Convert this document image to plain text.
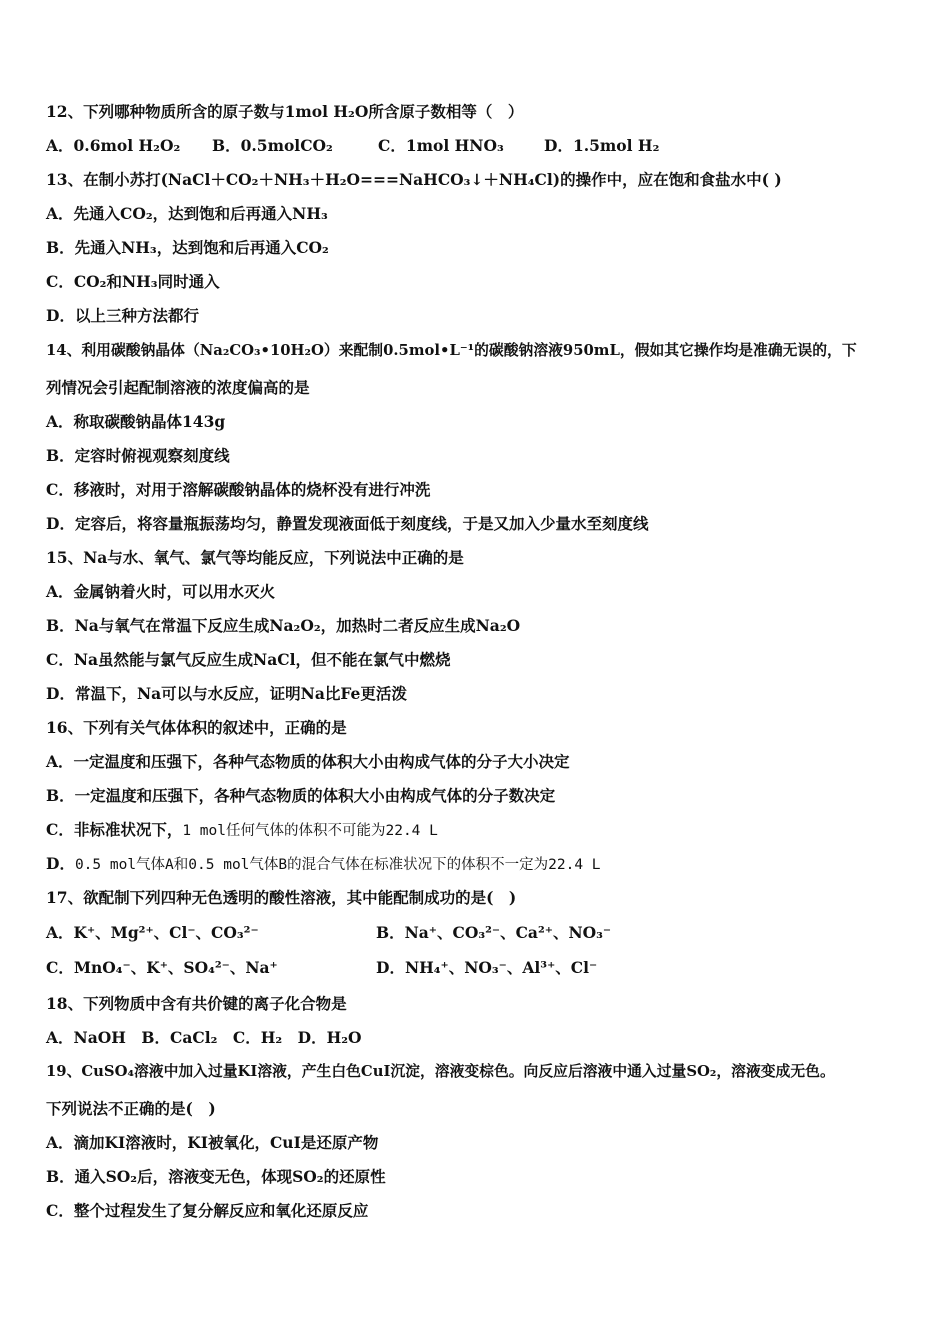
12、下列哪种物质所含的原子数与1mol H₂O所含原子数相等（　）
A．0.6mol H₂O₂ B．0.5molCO₂	C．1mol HNO₃	D．1.5mol H₂
13、在制小苏打(NaCl＋CO₂＋NH₃＋H₂O===NaHCO₃↓＋NH₄Cl)的操作中，应在饱和食盐水中( )
A．先通入CO₂，达到饱和后再通入NH₃
B．先通入NH₃，达到饱和后再通入CO₂
C．CO₂和NH₃同时通入
D．以上三种方法都行
14、利用碳酸钠晶体（Na₂CO₃•10H₂O）来配制0.5mol•L⁻¹的碳酸钠溶液950mL，假如其它操作均是准确无误的，下
列情况会引起配制溶液的浓度偏高的是
A．称取碳酸钠晶体143g
B．定容时俯视观察刻度线
C．移液时，对用于溶解碳酸钠晶体的烧杯没有进行冲洗
D．定容后，将容量瓶振荡均匀，静置发现液面低于刻度线，于是又加入少量水至刻度线
15、Na与水、氧气、氯气等均能反应，下列说法中正确的是
A．金属钠着火时，可以用水灭火
B．Na与氧气在常温下反应生成Na₂O₂，加热时二者反应生成Na₂O
C．Na虽然能与氯气反应生成NaCl，但不能在氯气中燃烧
D．常温下，Na可以与水反应，证明Na比Fe更活泼
16、下列有关气体体积的叙述中，正确的是
A．一定温度和压强下，各种气态物质的体积大小由构成气体的分子大小决定
B．一定温度和压强下，各种气态物质的体积大小由构成气体的分子数决定
C．非标准状况下，1 mol任何气体的体积不可能为22.4 L
D．0.5 mol气体A和0.5 mol气体B的混合气体在标准状况下的体积不一定为22.4 L
17、欲配制下列四种无色透明的酸性溶液，其中能配制成功的是(　)
A．K⁺、Mg²⁺、Cl⁻、CO₃²⁻	B．Na⁺、CO₃²⁻、Ca²⁺、NO₃⁻
C．MnO₄⁻、K⁺、SO₄²⁻、Na⁺	D．NH₄⁺、NO₃⁻、Al³⁺、Cl⁻
18、下列物质中含有共价键的离子化合物是
A．NaOH　B．CaCl₂　C．H₂　D．H₂O
19、CuSO₄溶液中加入过量KI溶液，产生白色CuI沉淀，溶液变棕色。向反应后溶液中通入过量SO₂，溶液变成无色。
下列说法不正确的是(　)
A．滴加KI溶液时，KI被氧化，CuI是还原产物
B．通入SO₂后，溶液变无色，体现SO₂的还原性
C．整个过程发生了复分解反应和氧化还原反应
